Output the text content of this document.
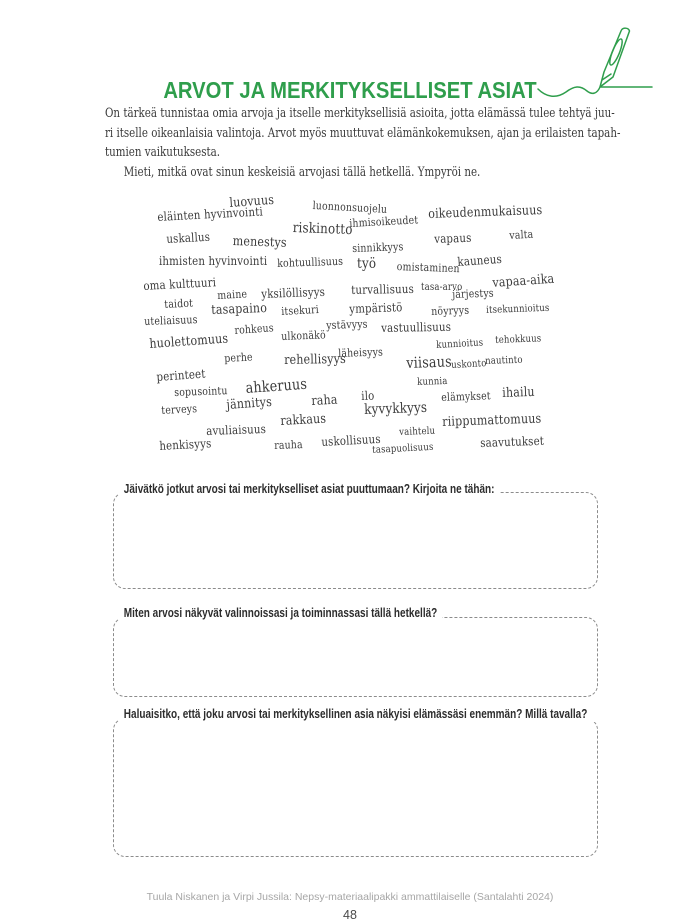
ARVOT JA MERKITYKSELLISET ASIAT
On tärkeä tunnistaa omia arvoja ja itselle merkityksellisiä asioita, jotta elämässä tulee tehtyä juu-
ri itselle oikeanlaisia valintoja. Arvot myös muuttuvat elämänkokemuksen, ajan ja erilaisten tapah-
tumien vaikutuksesta.
Mieti, mitkä ovat sinun keskeisiä arvojasi tällä hetkellä. Ympyröi ne.
luovuus	luonnonsuojelu
eläinten hyvinvointi
riskinotto
ihmisoikeudet oikeudenmukaisuus
uskallus menestys	vapaus	valta
sinnikkyys
ihmisten hyvinvointi kohtuullisuus työ omistaminen
kauneus
oma kulttuuri
maine yksilöllisyys turvallisuus tasa-arvo
järjestys
vapaa-aika
taidot tasapaino itsekuri ympäristö	nöyryys itsekunnioitus
uteliaisuus
rohkeus ulkonäkö
ystävyys vastuullisuus
huolettomuus	kunnioitus tehokkuus
perhe rehellisyys
läheisyys viisaus
uskonto
nautinto
perinteet	kunnia
sopusointu ahkeruus	ilo	elämykset ihailu
raha
jännitys
terveys	kyvykkyys
rakkaus
avuliaisuus	riippumattomuus
vaihtelu
henkisyys	rauha uskollisuus
tasapuolisuus	saavutukset
Jäivätkö jotkut arvosi tai merkitykselliset asiat puuttumaan? Kirjoita ne tähän:
Miten arvosi näkyvät valinnoissasi ja toiminnassasi tällä hetkellä?
Haluaisitko, että joku arvosi tai merkityksellinen asia näkyisi elämässäsi enemmän? Millä tavalla?
Tuula Niskanen ja Virpi Jussila: Nepsy-materiaalipakki ammattilaiselle (Santalahti 2024)
48
